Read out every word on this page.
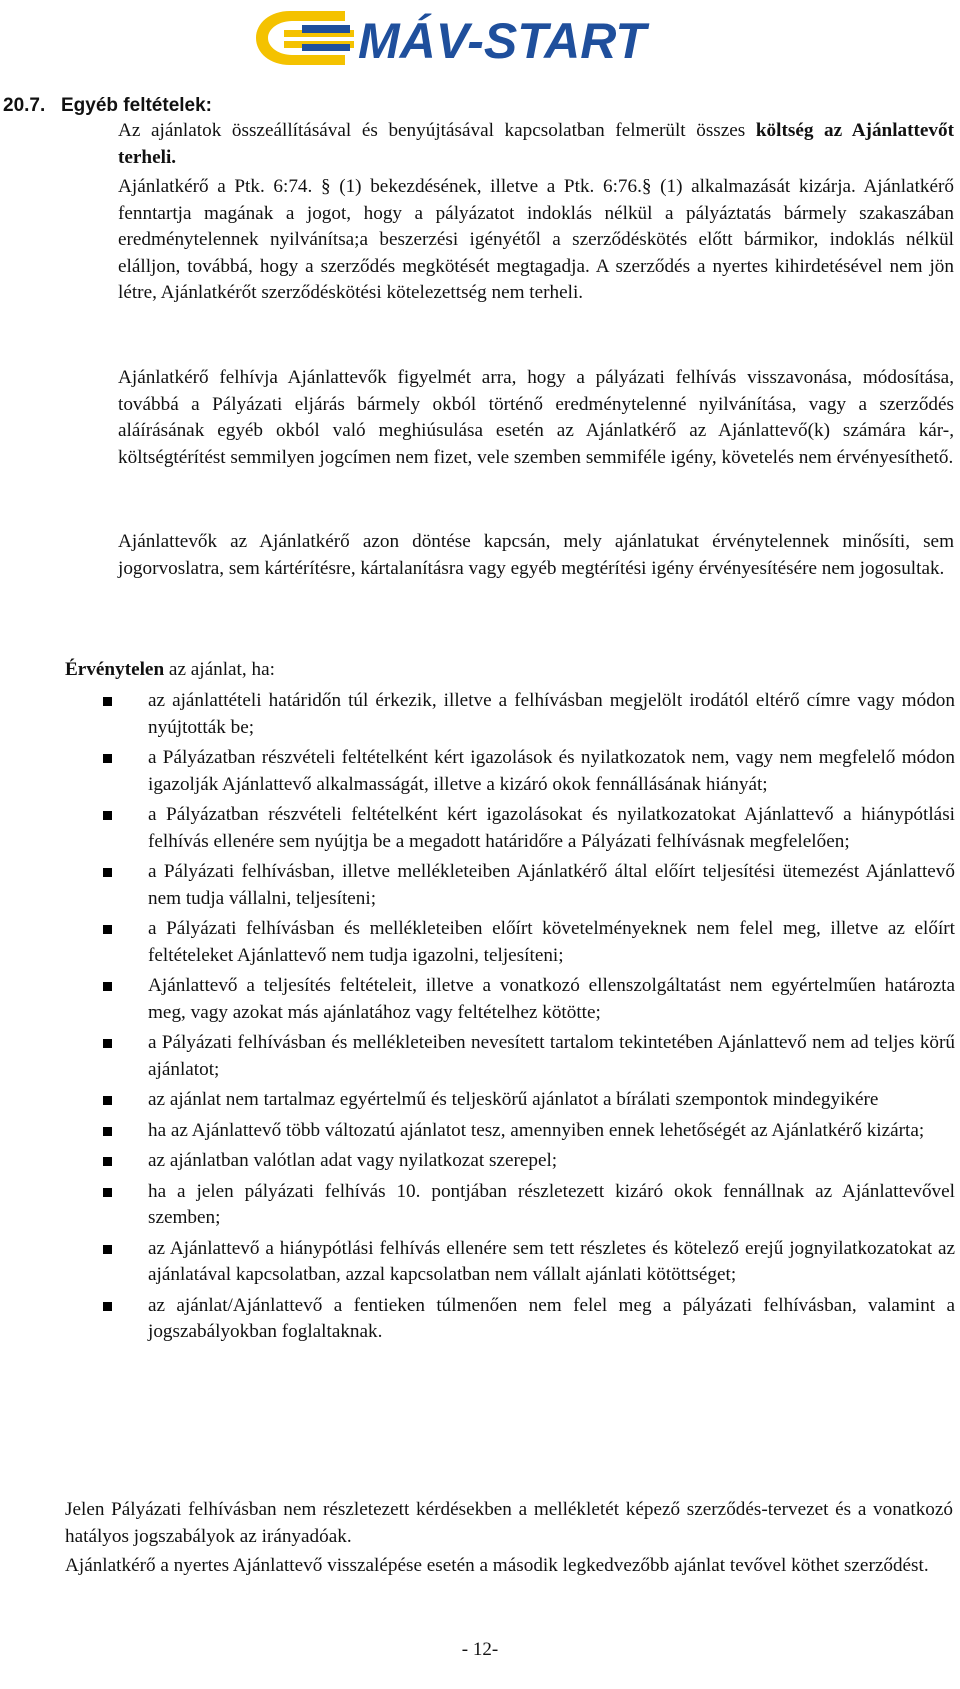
MÁV-START
20.7. Egyéb feltételek:
Az ajánlatok összeállításával és benyújtásával kapcsolatban felmerült összes költség az Ajánlattevőt terheli.
Ajánlatkérő a Ptk. 6:74. § (1) bekezdésének, illetve a Ptk. 6:76.§ (1) alkalmazását kizárja. Ajánlatkérő fenntartja magának a jogot, hogy a pályázatot indoklás nélkül a pályáztatás bármely szakaszában eredménytelennek nyilvánítsa;a beszerzési igényétől a szerződéskötés előtt bármikor, indoklás nélkül elálljon, továbbá, hogy a szerződés megkötését megtagadja. A szerződés a nyertes kihirdetésével nem jön létre, Ajánlatkérőt szerződéskötési kötelezettség nem terheli.
Ajánlatkérő felhívja Ajánlattevők figyelmét arra, hogy a pályázati felhívás visszavonása, módosítása, továbbá a Pályázati eljárás bármely okból történő eredménytelenné nyilvánítása, vagy a szerződés aláírásának egyéb okból való meghiúsulása esetén az Ajánlatkérő az Ajánlattevő(k) számára kár-, költségtérítést semmilyen jogcímen nem fizet, vele szemben semmiféle igény, követelés nem érvényesíthető.
Ajánlattevők az Ajánlatkérő azon döntése kapcsán, mely ajánlatukat érvénytelennek minősíti, sem jogorvoslatra, sem kártérítésre, kártalanításra vagy egyéb megtérítési igény érvényesítésére nem jogosultak.
Érvénytelen az ajánlat, ha:
az ajánlattételi határidőn túl érkezik, illetve a felhívásban megjelölt irodától eltérő címre vagy módon nyújtották be;
a Pályázatban részvételi feltételként kért igazolások és nyilatkozatok nem, vagy nem megfelelő módon igazolják Ajánlattevő alkalmasságát, illetve a kizáró okok fennállásának hiányát;
a Pályázatban részvételi feltételként kért igazolásokat és nyilatkozatokat Ajánlattevő a hiánypótlási felhívás ellenére sem nyújtja be a megadott határidőre a Pályázati felhívásnak megfelelően;
a Pályázati felhívásban, illetve mellékleteiben Ajánlatkérő által előírt teljesítési ütemezést Ajánlattevő nem tudja vállalni, teljesíteni;
a Pályázati felhívásban és mellékleteiben előírt követelményeknek nem felel meg, illetve az előírt feltételeket Ajánlattevő nem tudja igazolni, teljesíteni;
Ajánlattevő a teljesítés feltételeit, illetve a vonatkozó ellenszolgáltatást nem egyértelműen határozta meg, vagy azokat más ajánlatához vagy feltételhez kötötte;
a Pályázati felhívásban és mellékleteiben nevesített tartalom tekintetében Ajánlattevő nem ad teljes körű ajánlatot;
az ajánlat nem tartalmaz egyértelmű és teljeskörű ajánlatot a bírálati szempontok mindegyikére
ha az Ajánlattevő több változatú ajánlatot tesz, amennyiben ennek lehetőségét az Ajánlatkérő kizárta;
az ajánlatban valótlan adat vagy nyilatkozat szerepel;
ha a jelen pályázati felhívás 10. pontjában részletezett kizáró okok fennállnak az Ajánlattevővel szemben;
az Ajánlattevő a hiánypótlási felhívás ellenére sem tett részletes és kötelező erejű jognyilatkozatokat az ajánlatával kapcsolatban, azzal kapcsolatban nem vállalt ajánlati kötöttséget;
az ajánlat/Ajánlattevő a fentieken túlmenően nem felel meg a pályázati felhívásban, valamint a jogszabályokban foglaltaknak.
Jelen Pályázati felhívásban nem részletezett kérdésekben a mellékletét képező szerződés-tervezet és a vonatkozó hatályos jogszabályok az irányadóak.
Ajánlatkérő a nyertes Ajánlattevő visszalépése esetén a második legkedvezőbb ajánlat tevővel köthet szerződést.
- 12-
